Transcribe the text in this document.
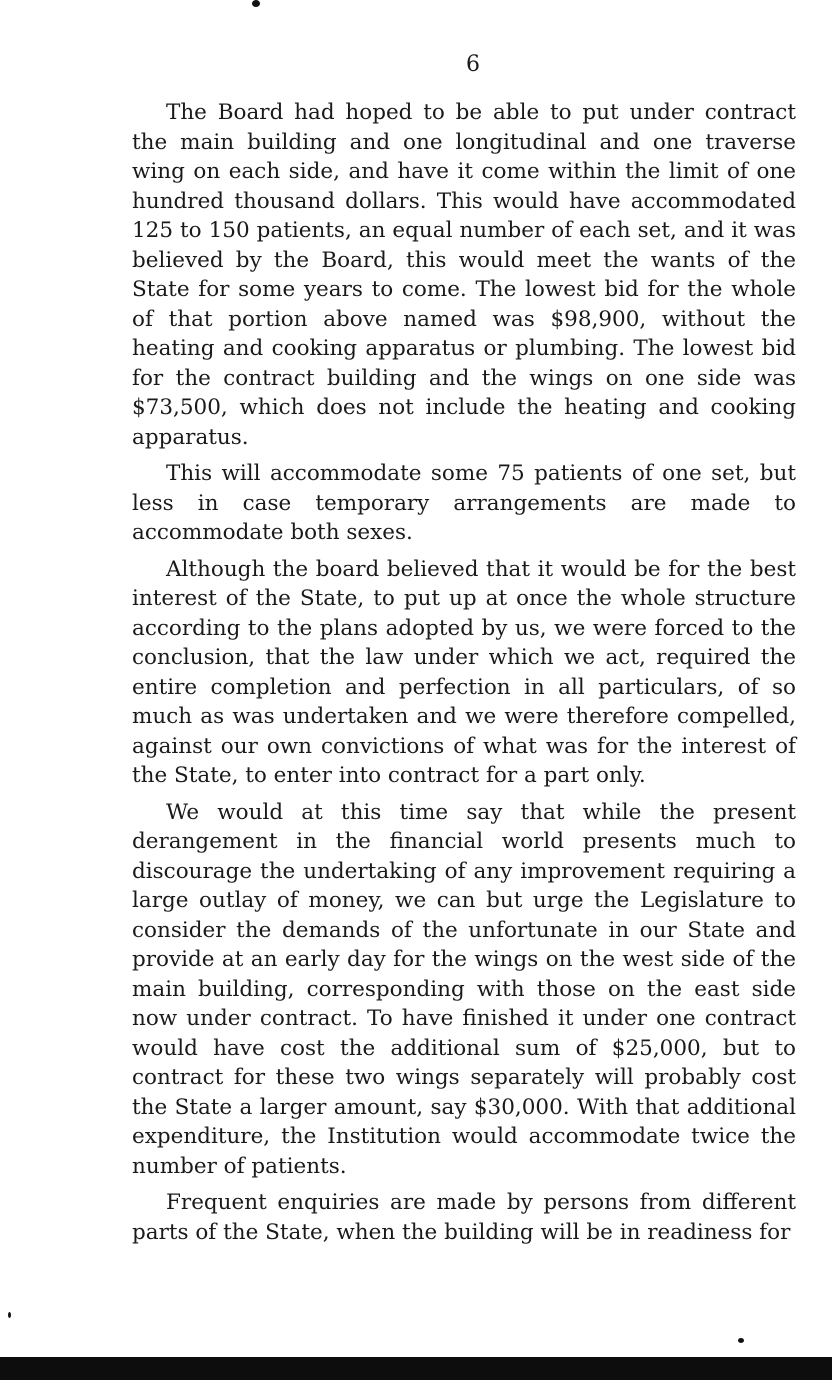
6

The Board had hoped to be able to put under contract the main building and one longitudinal and one traverse wing on each side, and have it come within the limit of one hundred thousand dollars. This would have accommodated 125 to 150 patients, an equal number of each set, and it was believed by the Board, this would meet the wants of the State for some years to come. The lowest bid for the whole of that portion above named was $98,900, without the heating and cooking apparatus or plumbing. The lowest bid for the contract building and the wings on one side was $73,500, which does not include the heating and cooking apparatus.

This will accommodate some 75 patients of one set, but less in case temporary arrangements are made to accommodate both sexes.

Although the board believed that it would be for the best interest of the State, to put up at once the whole structure according to the plans adopted by us, we were forced to the conclusion, that the law under which we act, required the entire completion and perfection in all particulars, of so much as was undertaken and we were therefore compelled, against our own convictions of what was for the interest of the State, to enter into contract for a part only.

We would at this time say that while the present derangement in the financial world presents much to discourage the undertaking of any improvement requiring a large outlay of money, we can but urge the Legislature to consider the demands of the unfortunate in our State and provide at an early day for the wings on the west side of the main building, corresponding with those on the east side now under contract. To have finished it under one contract would have cost the additional sum of $25,000, but to contract for these two wings separately will probably cost the State a larger amount, say $30,000. With that additional expenditure, the Institution would accommodate twice the number of patients.

Frequent enquiries are made by persons from different parts of the State, when the building will be in readiness for
